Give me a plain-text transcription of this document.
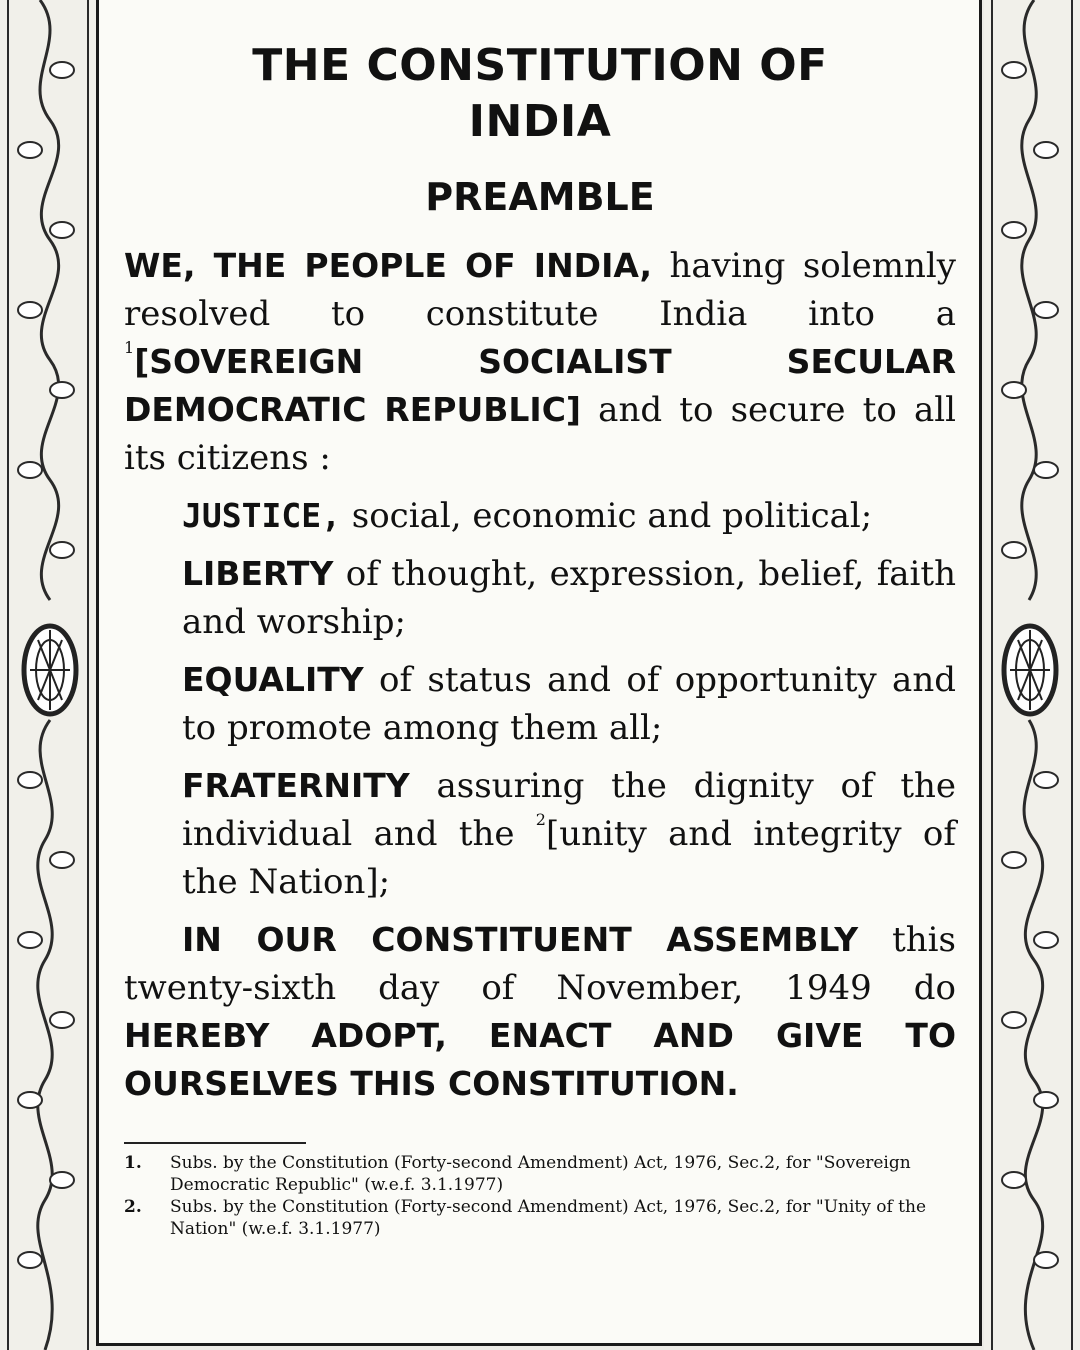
THE CONSTITUTION OF
INDIA
PREAMBLE

WE, THE PEOPLE OF INDIA, having solemnly resolved to constitute India into a $^1$[SOVEREIGN SOCIALIST SECULAR DEMOCRATIC REPUBLIC] and to secure to all its citizens :

JUSTICE, social, economic and political;

LIBERTY of thought, expression, belief, faith and worship;

EQUALITY of status and of opportunity and to promote among them all;

FRATERNITY assuring the dignity of the individual and the $^2$[unity and integrity of the Nation];

IN OUR CONSTITUENT ASSEMBLY this twenty-sixth day of November, 1949 do HEREBY ADOPT, ENACT AND GIVE TO OURSELVES THIS CONSTITUTION.

1.	Subs. by the Constitution (Forty-second Amendment) Act, 1976, Sec.2, for "Sovereign Democratic Republic" (w.e.f. 3.1.1977)
2.	Subs. by the Constitution (Forty-second Amendment) Act, 1976, Sec.2, for "Unity of the Nation" (w.e.f. 3.1.1977)
